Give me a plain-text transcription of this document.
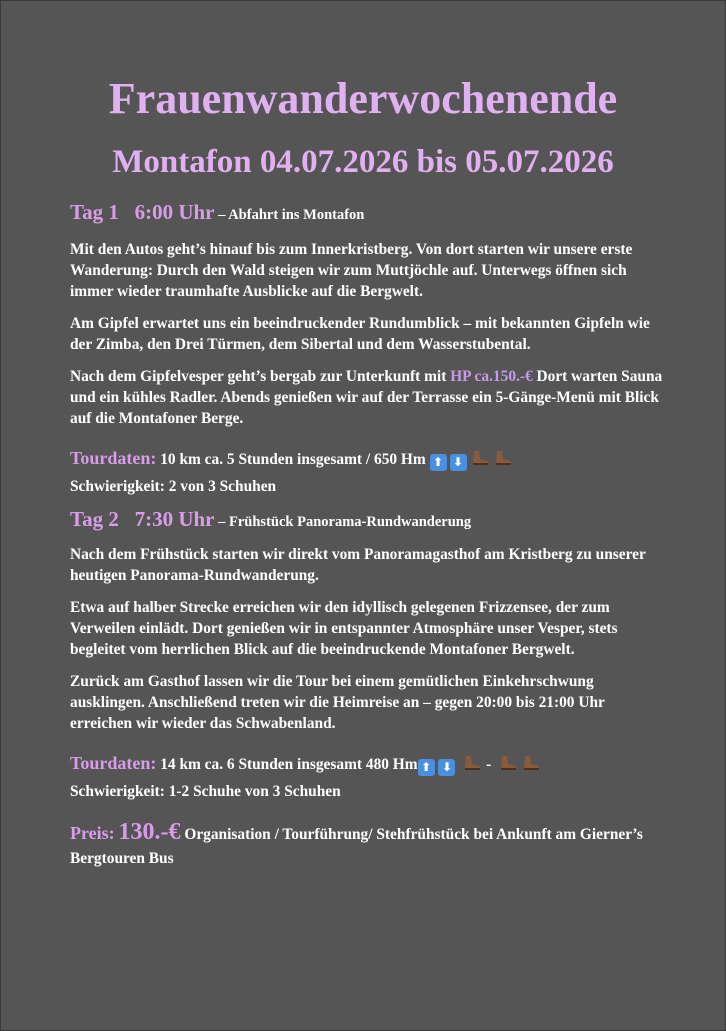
Frauenwanderwochenende
Montafon 04.07.2026 bis 05.07.2026
Tag 1   6:00 Uhr – Abfahrt ins Montafon

Mit den Autos geht’s hinauf bis zum Innerkristberg. Von dort starten wir unsere erste Wanderung: Durch den Wald steigen wir zum Muttjöchle auf. Unterwegs öffnen sich immer wieder traumhafte Ausblicke auf die Bergwelt.

Am Gipfel erwartet uns ein beeindruckender Rundumblick – mit bekannten Gipfeln wie der Zimba, den Drei Türmen, dem Sibertal und dem Wasserstubental.

Nach dem Gipfelvesper geht’s bergab zur Unterkunft mit HP ca.150.-€ Dort warten Sauna und ein kühles Radler. Abends genießen wir auf der Terrasse ein 5-Gänge-Menü mit Blick auf die Montafoner Berge.

Tourdaten: 10 km ca. 5 Stunden insgesamt / 650 Hm ⬆ ⬇

Schwierigkeit: 2 von 3 Schuhen

Tag 2   7:30 Uhr – Frühstück Panorama-Rundwanderung

Nach dem Frühstück starten wir direkt vom Panoramagasthof am Kristberg zu unserer heutigen Panorama-Rundwanderung.

Etwa auf halber Strecke erreichen wir den idyllisch gelegenen Frizzensee, der zum Verweilen einlädt. Dort genießen wir in entspannter Atmosphäre unser Vesper, stets begleitet vom herrlichen Blick auf die beeindruckende Montafoner Bergwelt.

Zurück am Gasthof lassen wir die Tour bei einem gemütlichen Einkehrschwung ausklingen. Anschließend treten wir die Heimreise an – gegen 20:00 bis 21:00 Uhr erreichen wir wieder das Schwabenland.

Tourdaten: 14 km ca. 6 Stunden insgesamt 480 Hm ⬆ ⬇  -

Schwierigkeit: 1-2 Schuhe von 3 Schuhen

Preis: 130.-€ Organisation / Tourführung/ Stehfrühstück bei Ankunft am Gierner’s Bergtouren Bus
